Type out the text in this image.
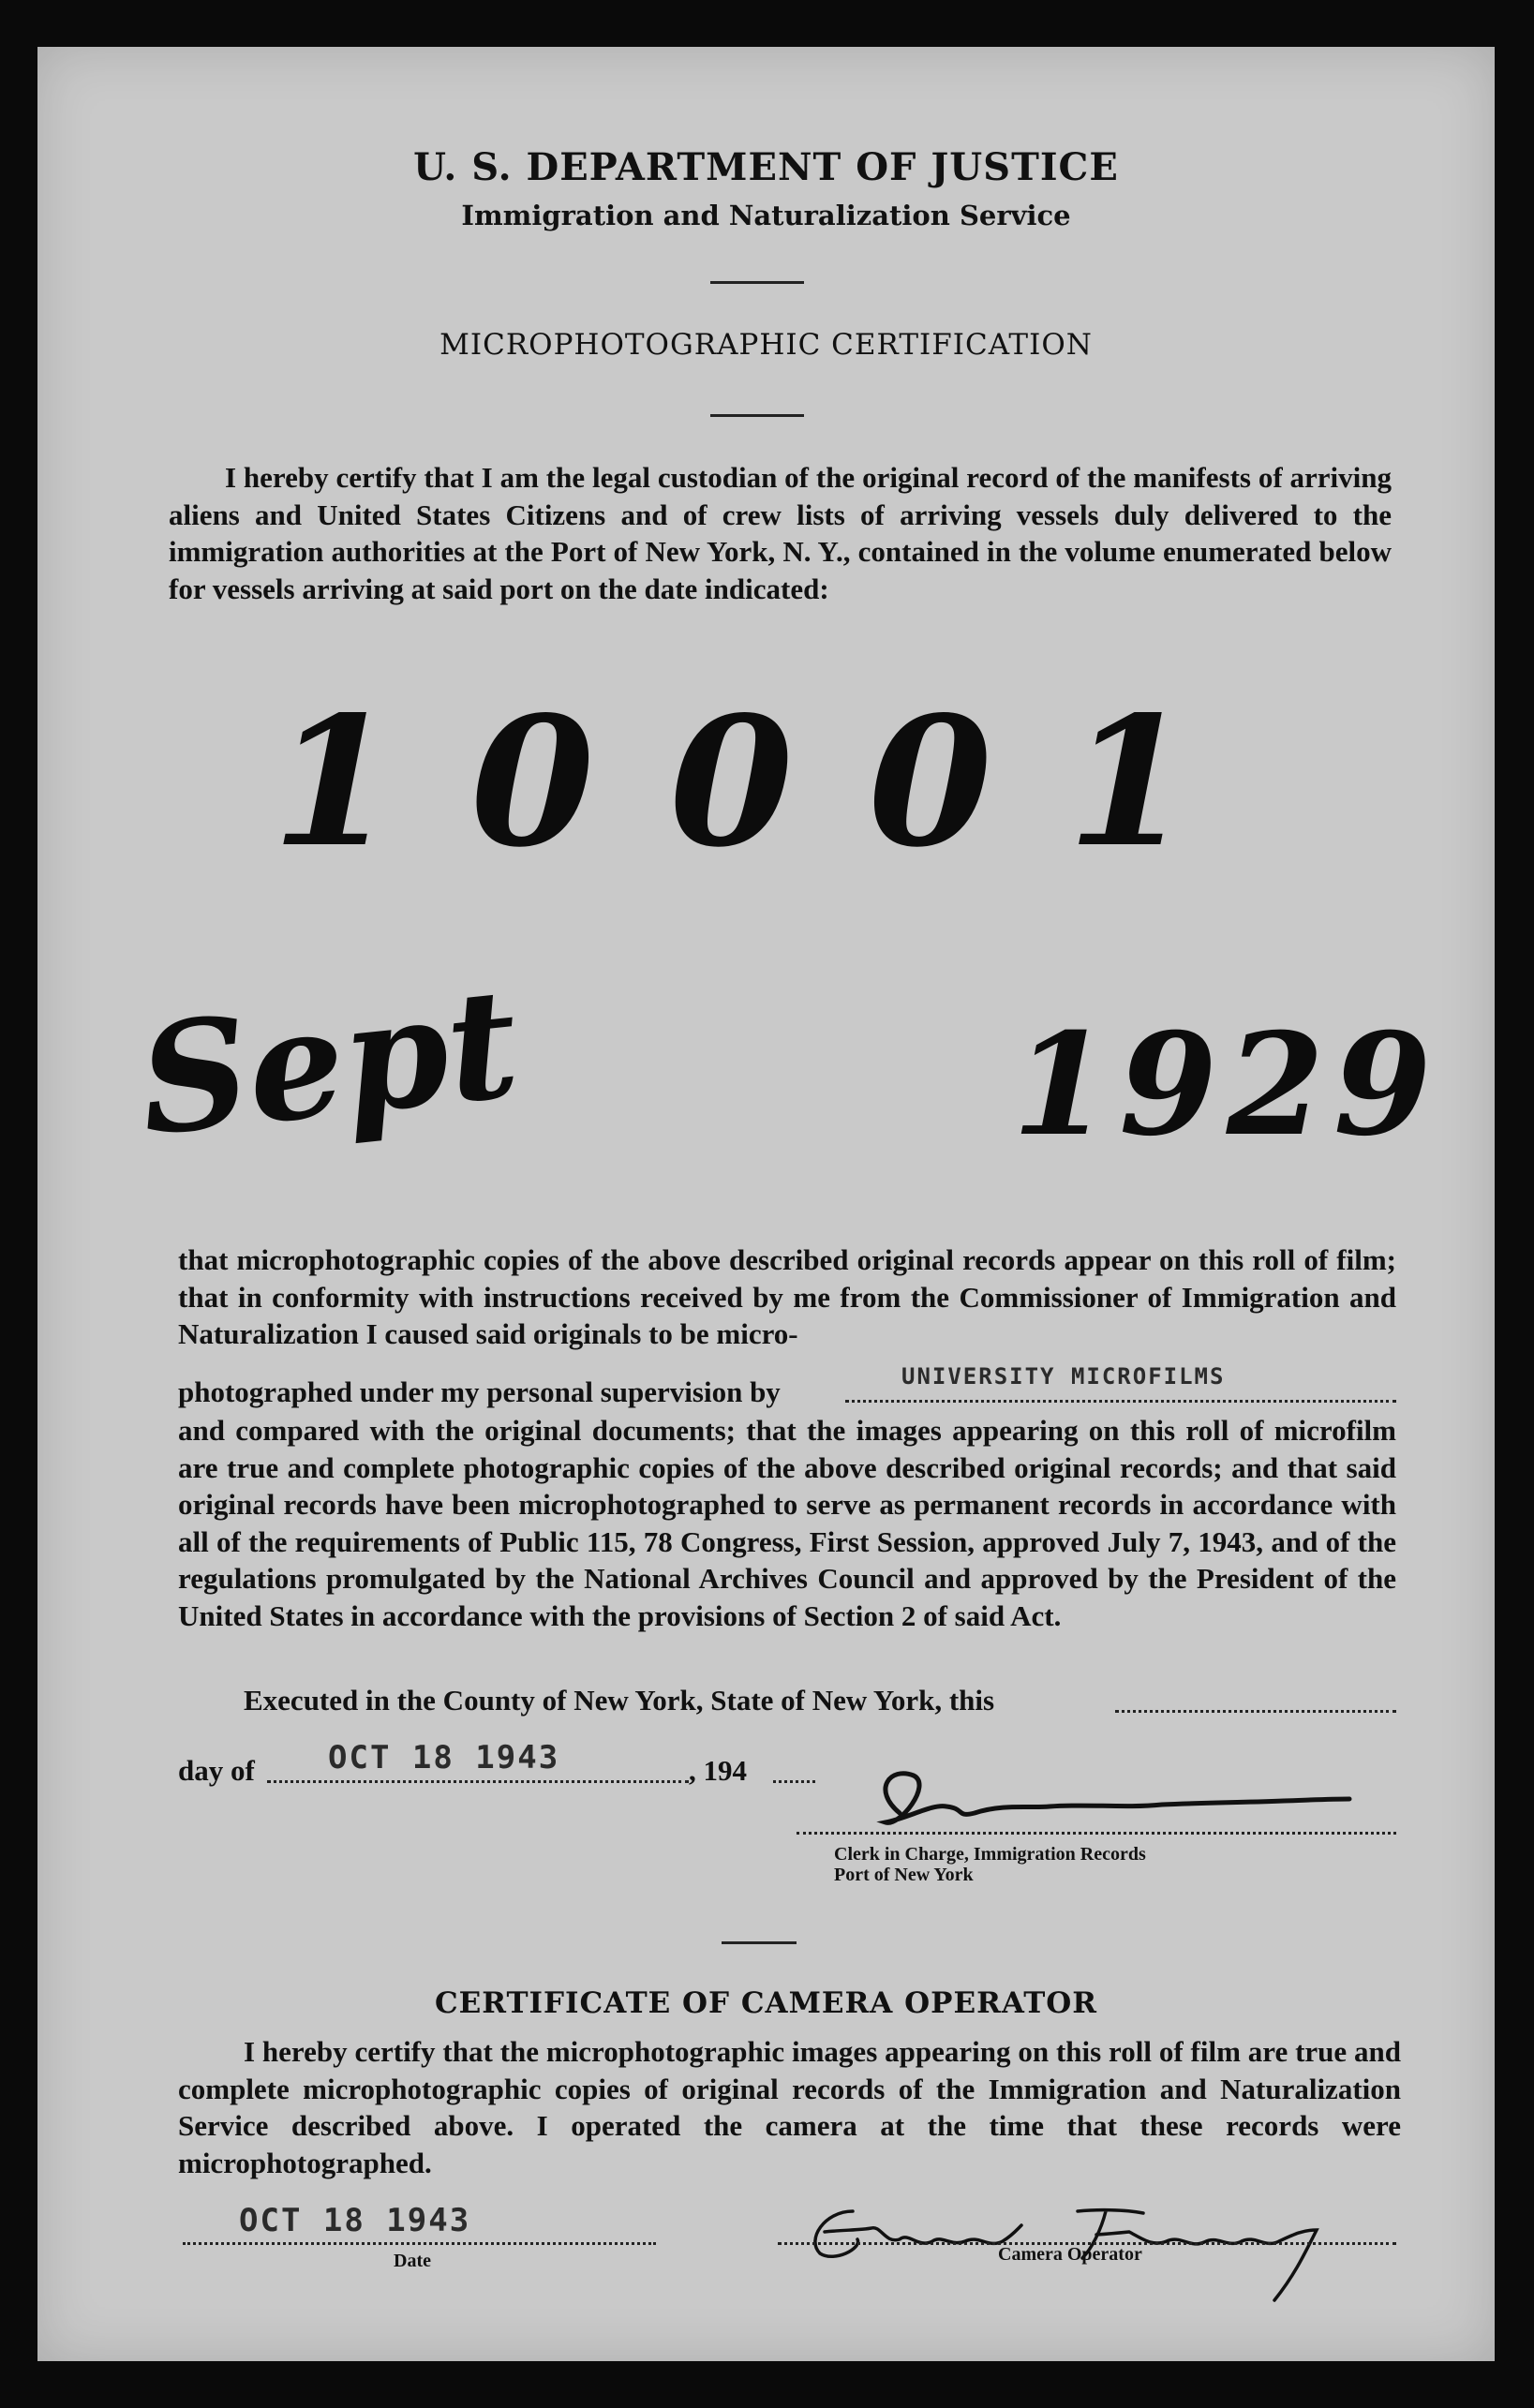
U. S. DEPARTMENT OF JUSTICE
Immigration and Naturalization Service
MICROPHOTOGRAPHIC CERTIFICATION
I hereby certify that I am the legal custodian of the original record of the manifests of arriving aliens and United States Citizens and of crew lists of arriving vessels duly delivered to the immigration authorities at the Port of New York, N. Y., contained in the volume enumerated below for vessels arriving at said port on the date indicated:
10001
Sept	1929
that microphotographic copies of the above described original records appear on this roll of film; that in conformity with instructions received by me from the Commissioner of Immigration and Naturalization I caused said originals to be micro-
photographed under my personal supervision by	UNIVERSITY MICROFILMS
and compared with the original documents; that the images appearing on this roll of microfilm are true and complete photographic copies of the above described original records; and that said original records have been microphotographed to serve as permanent records in accordance with all of the requirements of Public 115, 78 Congress, First Session, approved July 7, 1943, and of the regulations promulgated by the National Archives Council and approved by the President of the United States in accordance with the provisions of Section 2 of said Act.
Executed in the County of New York, State of New York, this
day of OCT 18 1943	, 194
Clerk in Charge, Immigration Records
Port of New York
CERTIFICATE OF CAMERA OPERATOR
I hereby certify that the microphotographic images appearing on this roll of film are true and complete microphotographic copies of original records of the Immigration and Naturalization Service described above. I operated the camera at the time that these records were microphotographed.
OCT 18 1943
Date	Camera Operator
